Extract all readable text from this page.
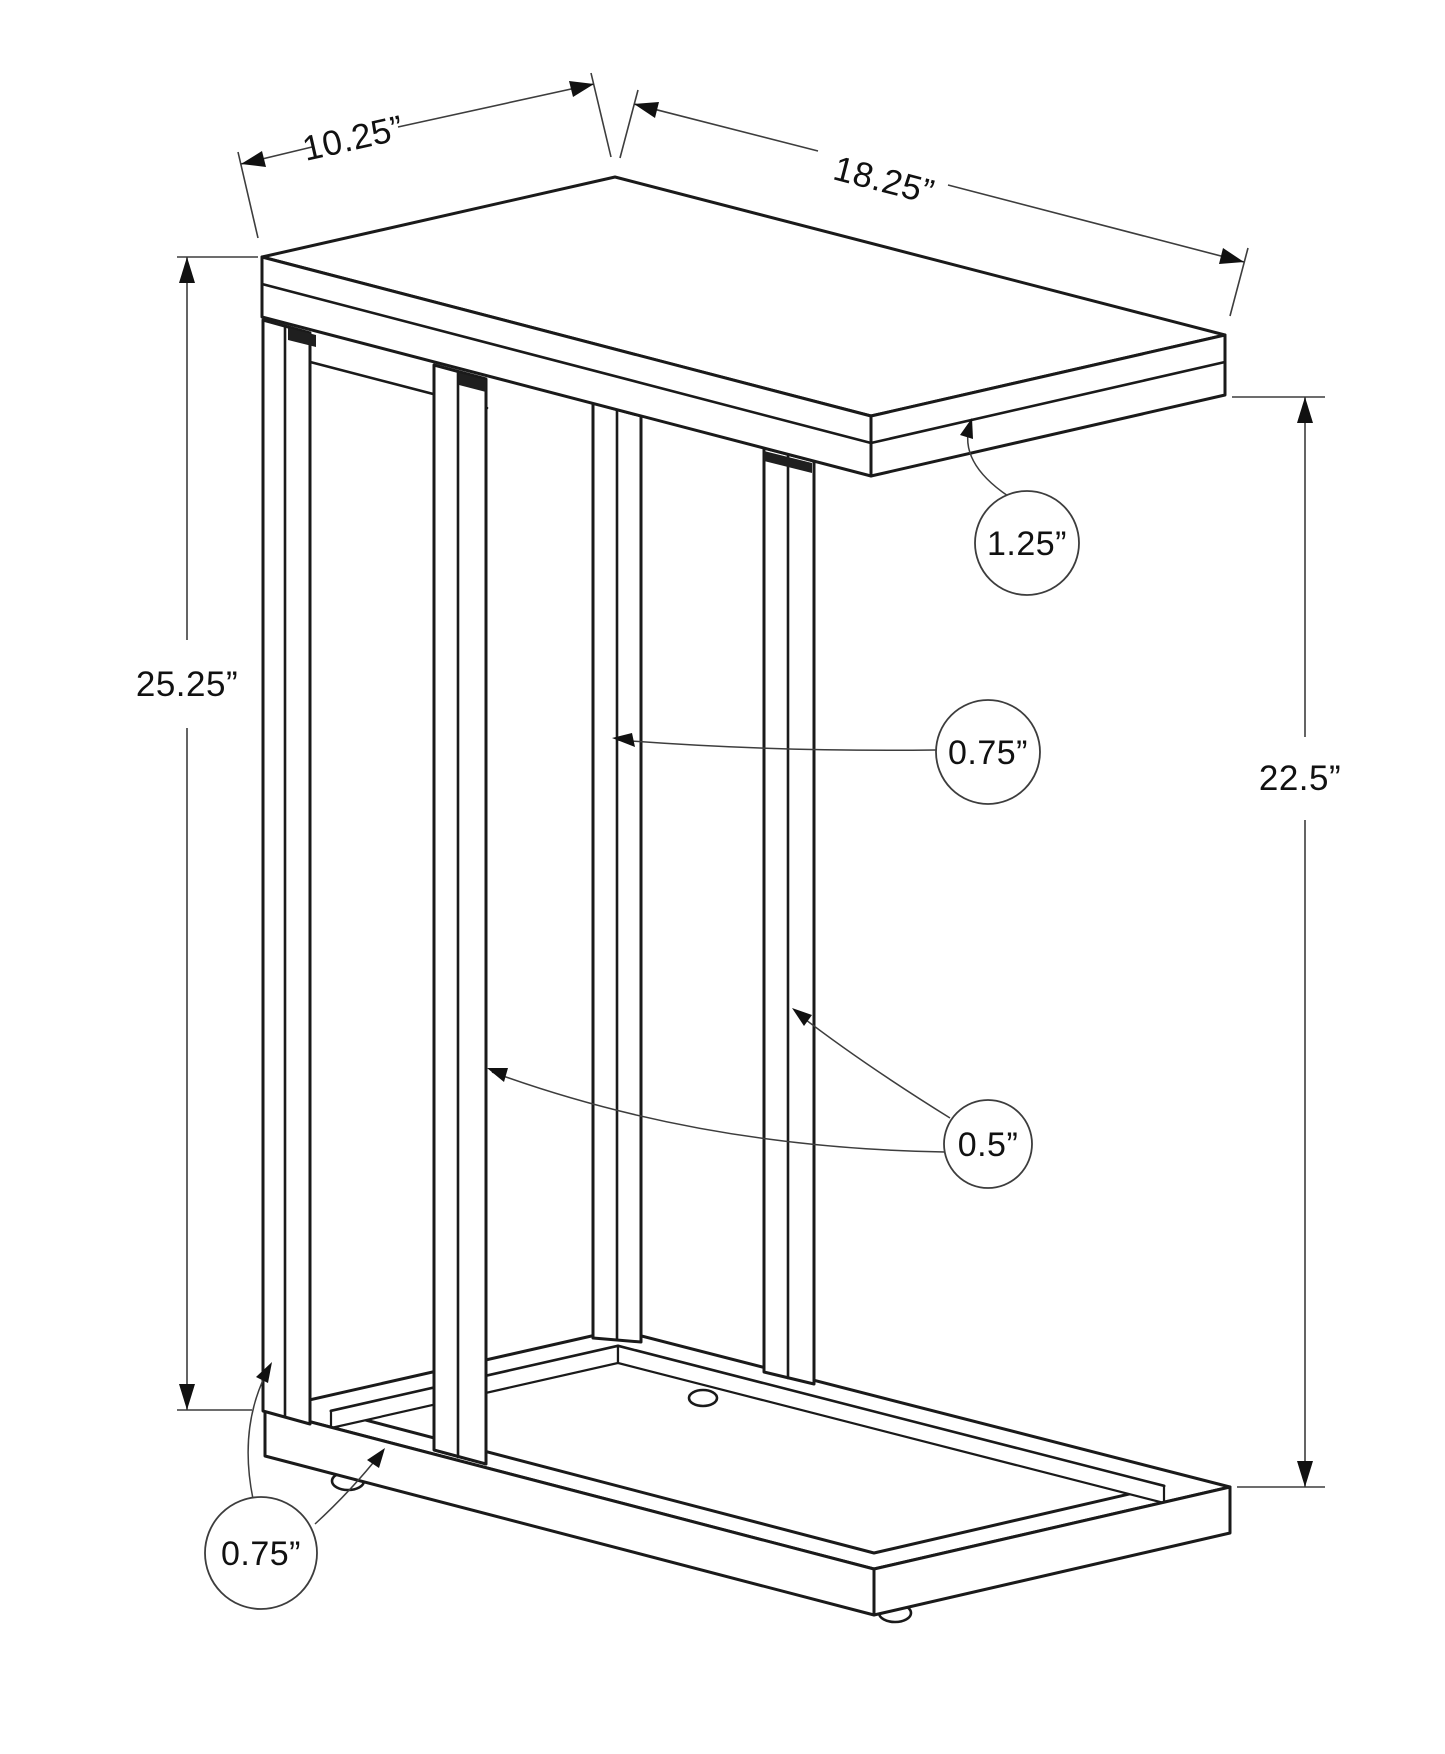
10.25”
18.25”
25.25”
22.5”
1.25”
0.75”
0.5”
0.75”
